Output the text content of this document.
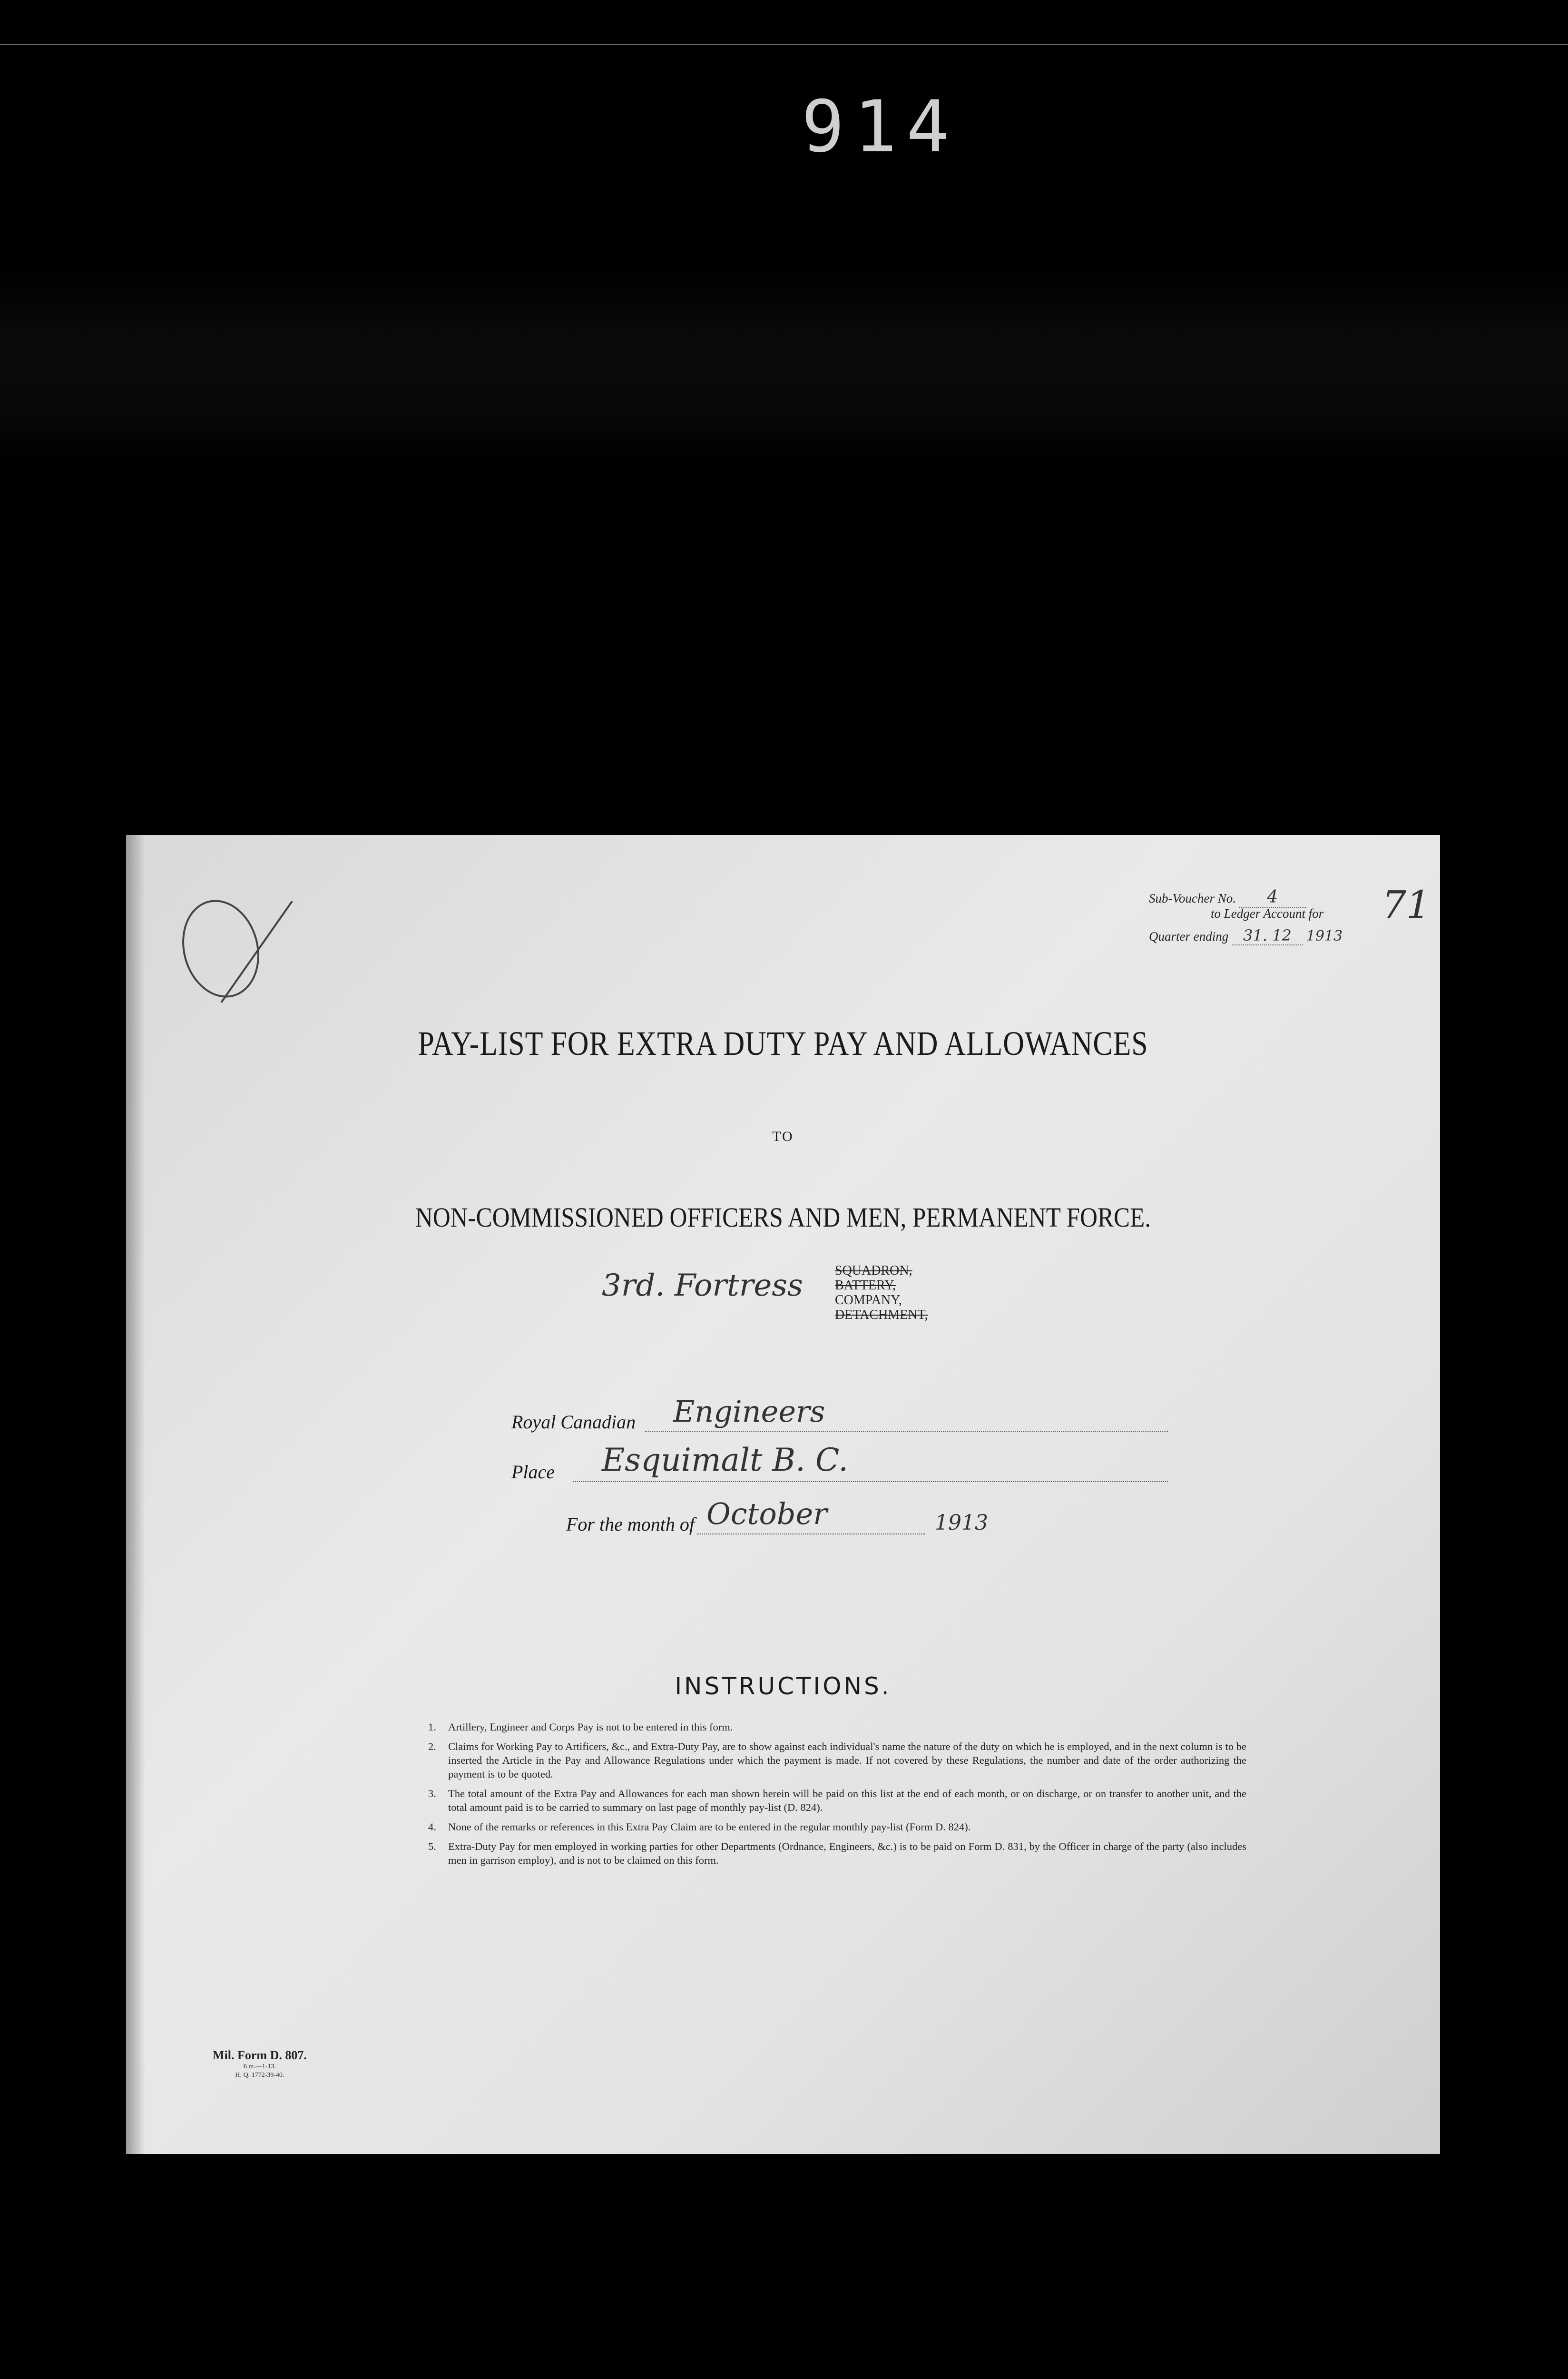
914
Sub-Voucher No. 4
to Ledger Account for
Quarter ending 31. 12 1913
71
PAY-LIST FOR EXTRA DUTY PAY AND ALLOWANCES
TO
NON-COMMISSIONED OFFICERS AND MEN, PERMANENT FORCE.
3rd. Fortress SQUADRON,
BATTERY,
COMPANY,
DETACHMENT,
Royal Canadian Engineers
Place Esquimalt B. C.
For the month of October	1913
INSTRUCTIONS.
1. Artillery, Engineer and Corps Pay is not to be entered in this form.
2. Claims for Working Pay to Artificers, &c., and Extra-Duty Pay, are to show against each individual's name the nature of the duty on which he is employed, and in the next column is to be inserted the Article in the Pay and Allowance Regulations under which the payment is made. If not covered by these Regulations, the number and date of the order authorizing the payment is to be quoted.
3. The total amount of the Extra Pay and Allowances for each man shown herein will be paid on this list at the end of each month, or on discharge, or on transfer to another unit, and the total amount paid is to be carried to summary on last page of monthly pay-list (D. 824).
4. None of the remarks or references in this Extra Pay Claim are to be entered in the regular monthly pay-list (Form D. 824).
5. Extra-Duty Pay for men employed in working parties for other Departments (Ordnance, Engineers, &c.) is to be paid on Form D. 831, by the Officer in charge of the party (also includes men in garrison employ), and is not to be claimed on this form.
Mil. Form D. 807.
6 m.—1-13.
H. Q. 1772-39-40.
